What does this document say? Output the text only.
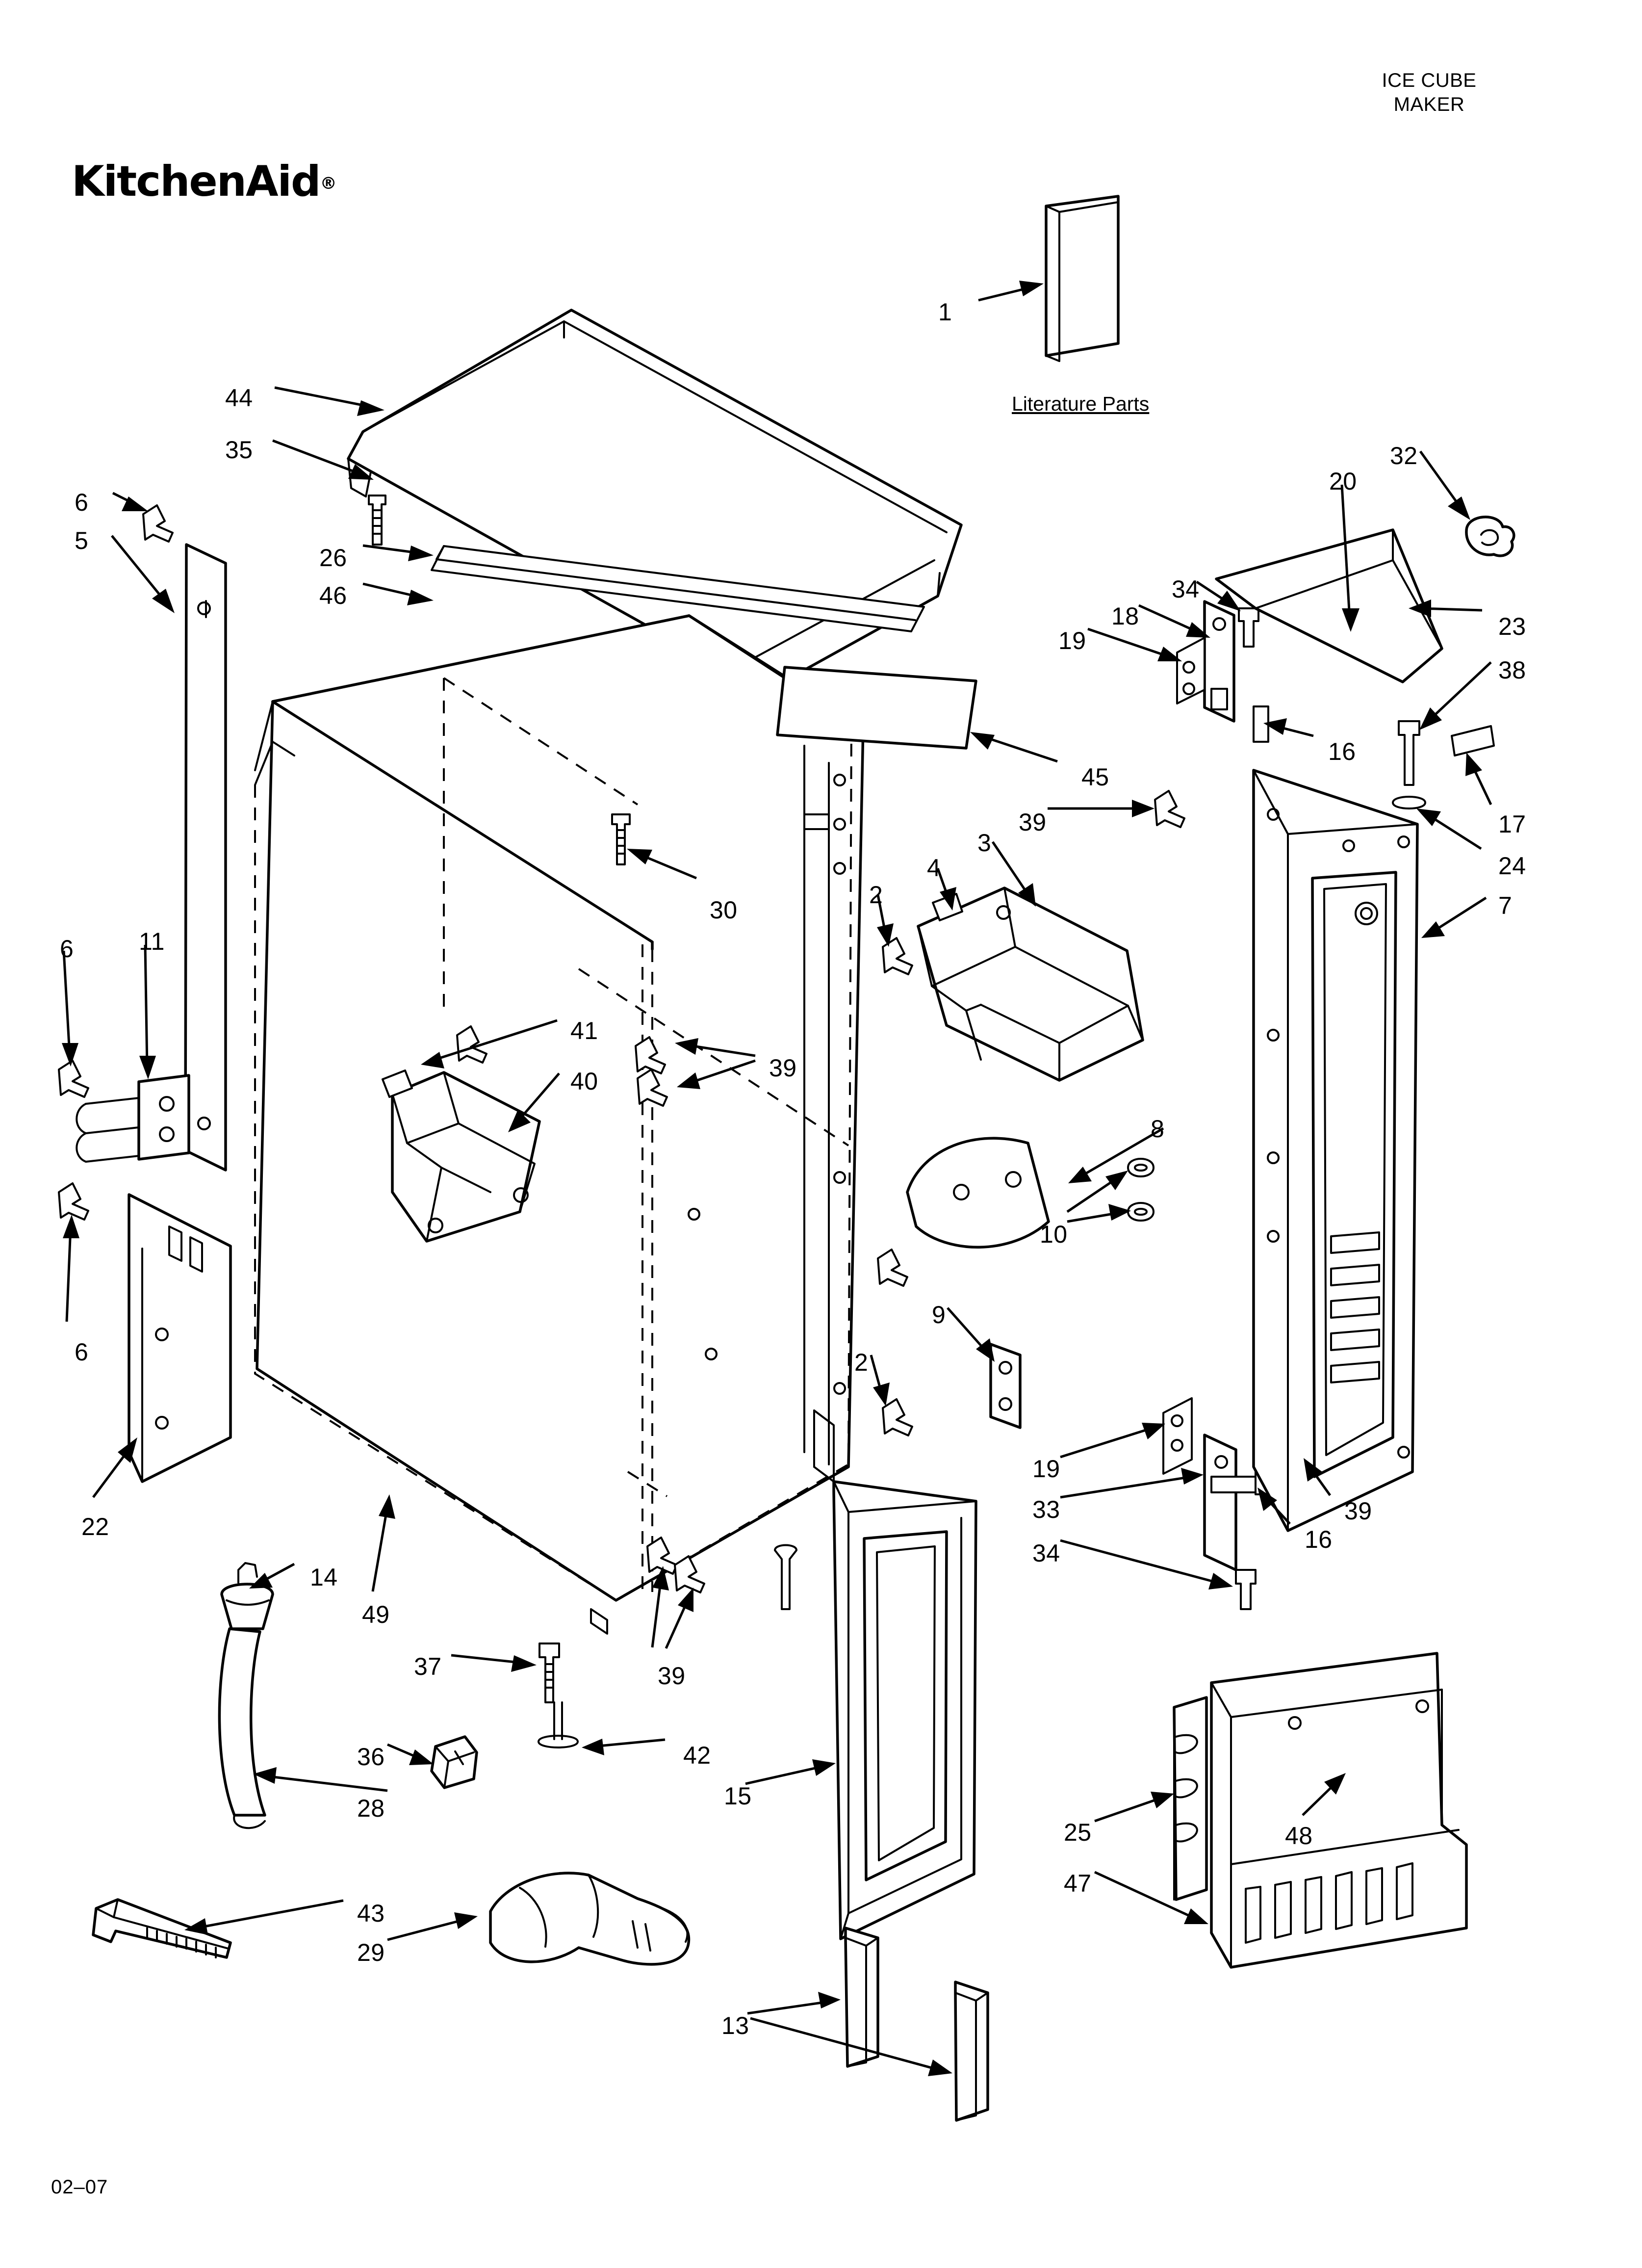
ICE CUBE
MAKER
KitchenAid®
Literature Parts
1
44
35	32
20
6
5
26
34
46
18	23
19
38
16
45
39	17
3
24
4
7
2
30
6	11
41
40	39
8
10
9
6	2
19
22
33	39
16
34
14
49
37	39
42
36
15
28
25	48
47
43
29
13
02–07
